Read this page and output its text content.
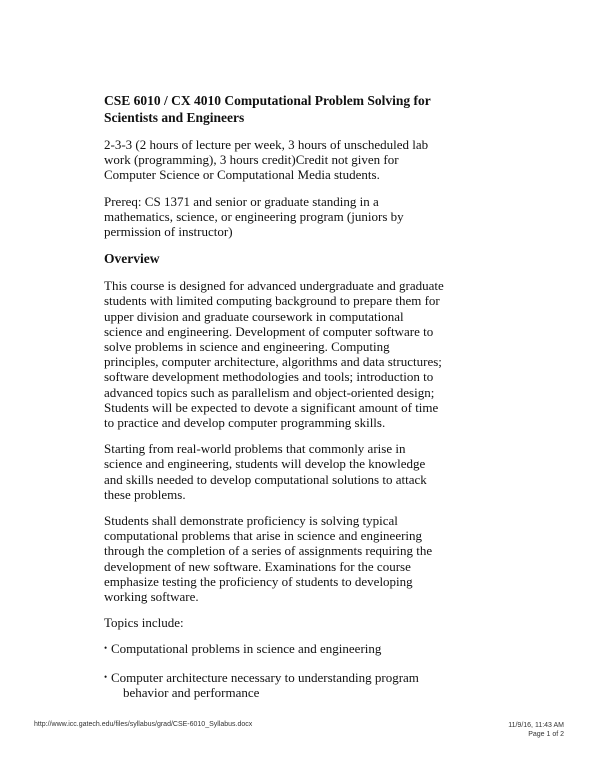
CSE 6010 / CX 4010 Computational Problem Solving for Scientists and Engineers

2-3-3 (2 hours of lecture per week, 3 hours of unscheduled lab work (programming), 3 hours credit)Credit not given for Computer Science or Computational Media students.

Prereq: CS 1371 and senior or graduate standing in a mathematics, science, or engineering program (juniors by permission of instructor)

Overview

This course is designed for advanced undergraduate and graduate students with limited computing background to prepare them for upper division and graduate coursework in computational science and engineering. Development of computer software to solve problems in science and engineering. Computing principles, computer architecture, algorithms and data structures; software development methodologies and tools; introduction to advanced topics such as parallelism and object-oriented design; Students will be expected to devote a significant amount of time to practice and develop computer programming skills.

Starting from real-world problems that commonly arise in science and engineering, students will develop the knowledge and skills needed to develop computational solutions to attack these problems.

Students shall demonstrate proficiency is solving typical computational problems that arise in science and engineering through the completion of a series of assignments requiring the development of new software. Examinations for the course emphasize testing the proficiency of students to developing working software.

Topics include:

• Computational problems in science and engineering
• Computer architecture necessary to understanding program
behavior and performance
http://www.icc.gatech.edu/files/syllabus/grad/CSE-6010_Syllabus.docx	11/9/16, 11:43 AM
Page 1 of 2
